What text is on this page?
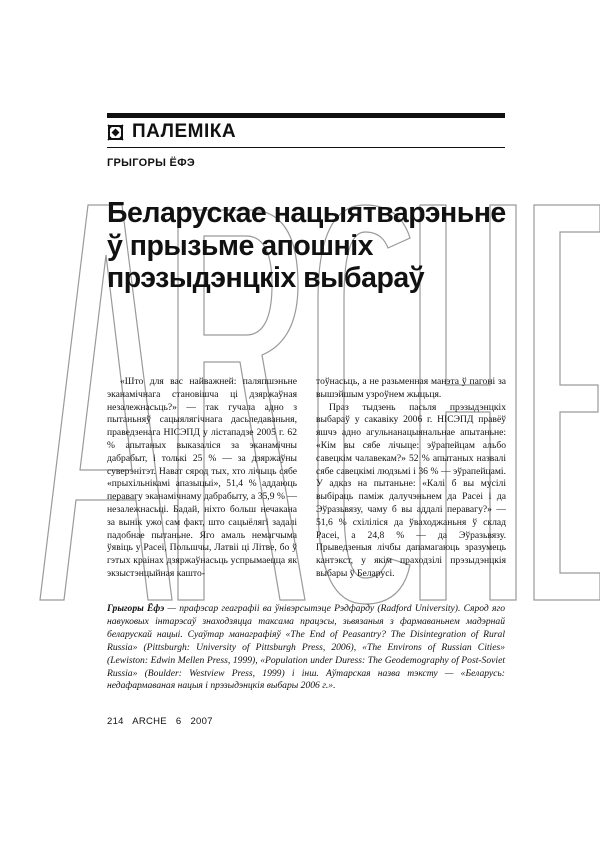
ПАЛЕМІКА
ГРЫГОРЫ ЁФЭ
Беларускае нацыятварэньне ў прызьме апошніх прэзыдэнцкіх выбараў

«Што для вас найважней: паляпшэньне эканамічнага становішча ці дзяржаўная незалежнасьць?» — так гучала адно з пытаньняў сацыялягічнага дасьледаваньня, праведзенага НІСЭПД у лістападзе 2005 г. 62 % апытаных выказаліся за эканамічны дабрабыт, і толькі 25 % — за дзяржаўны суверэнітэт. Нават сярод тых, хто лічыць сябе «прыхільнікамі апазыцыі», 51,4 % аддаюць перавагу эканамічнаму дабрабыту, а 35,9 % — незалежнасьці. Бадай, ніхто больш нечакана за вынік ужо сам факт, што сацыёлягі задалі падобнае пытаньне. Яго амаль немагчыма ўявіць у Расеі, Польшчы, Латвіі ці Літве, бо ў гэтых краінах дзяржаўнасьць успрымаецца як экзыстэнцыйная кашто-

тоўнасьць, а не разьменная манэта ў пагоні за вышэйшым узроўнем жыцьця.

Праз тыдзень пасьля прэзыдэнцкіх выбараў у сакавіку 2006 г. НІСЭПД правёў яшчэ адно агульнанацыянальнае апытаньне: «Кім вы сябе лічыце: эўрапейцам альбо савецкім чалавекам?» 52 % апытаных назвалі сябе савецкімі людзьмі і 36 % — эўрапейцамі. У адказ на пытаньне: «Калі б вы мусілі выбіраць паміж далучэньнем да Расеі і да Эўразьвязу, чаму б вы аддалі перавагу?» — 51,6 % схіліліся да ўваходжаньня ў склад Расеі, а 24,8 % — да Эўразьвязу. Прыведзеныя лічбы дапамагаюць зразумець кантэкст, у якім праходзілі прэзыдэнцкія выбары ў Беларусі.

Грыгоры Ёфэ — прафэсар геаграфіі ва ўнівэрсытэце Рэдфарду (Radford University). Сярод яго навуковых інтарэсаў знаходзяцца таксама працэсы, зьвязаныя з фармаваньнем мадэрнай беларускай нацыі. Суаўтар манаграфіяў «The End of Peasantry? The Disintegration of Rural Russia» (Pittsburgh: University of Pittsburgh Press, 2006), «The Environs of Russian Cities» (Lewiston: Edwin Mellen Press, 1999), «Population under Duress: The Geodemography of Post-Soviet Russia» (Boulder: Westview Press, 1999) і інш. Аўтарская назва тэксту — «Беларусь: недафармаваная нацыя і прэзыдэнцкія выбары 2006 г.».

214 ARCHE 6 2007
